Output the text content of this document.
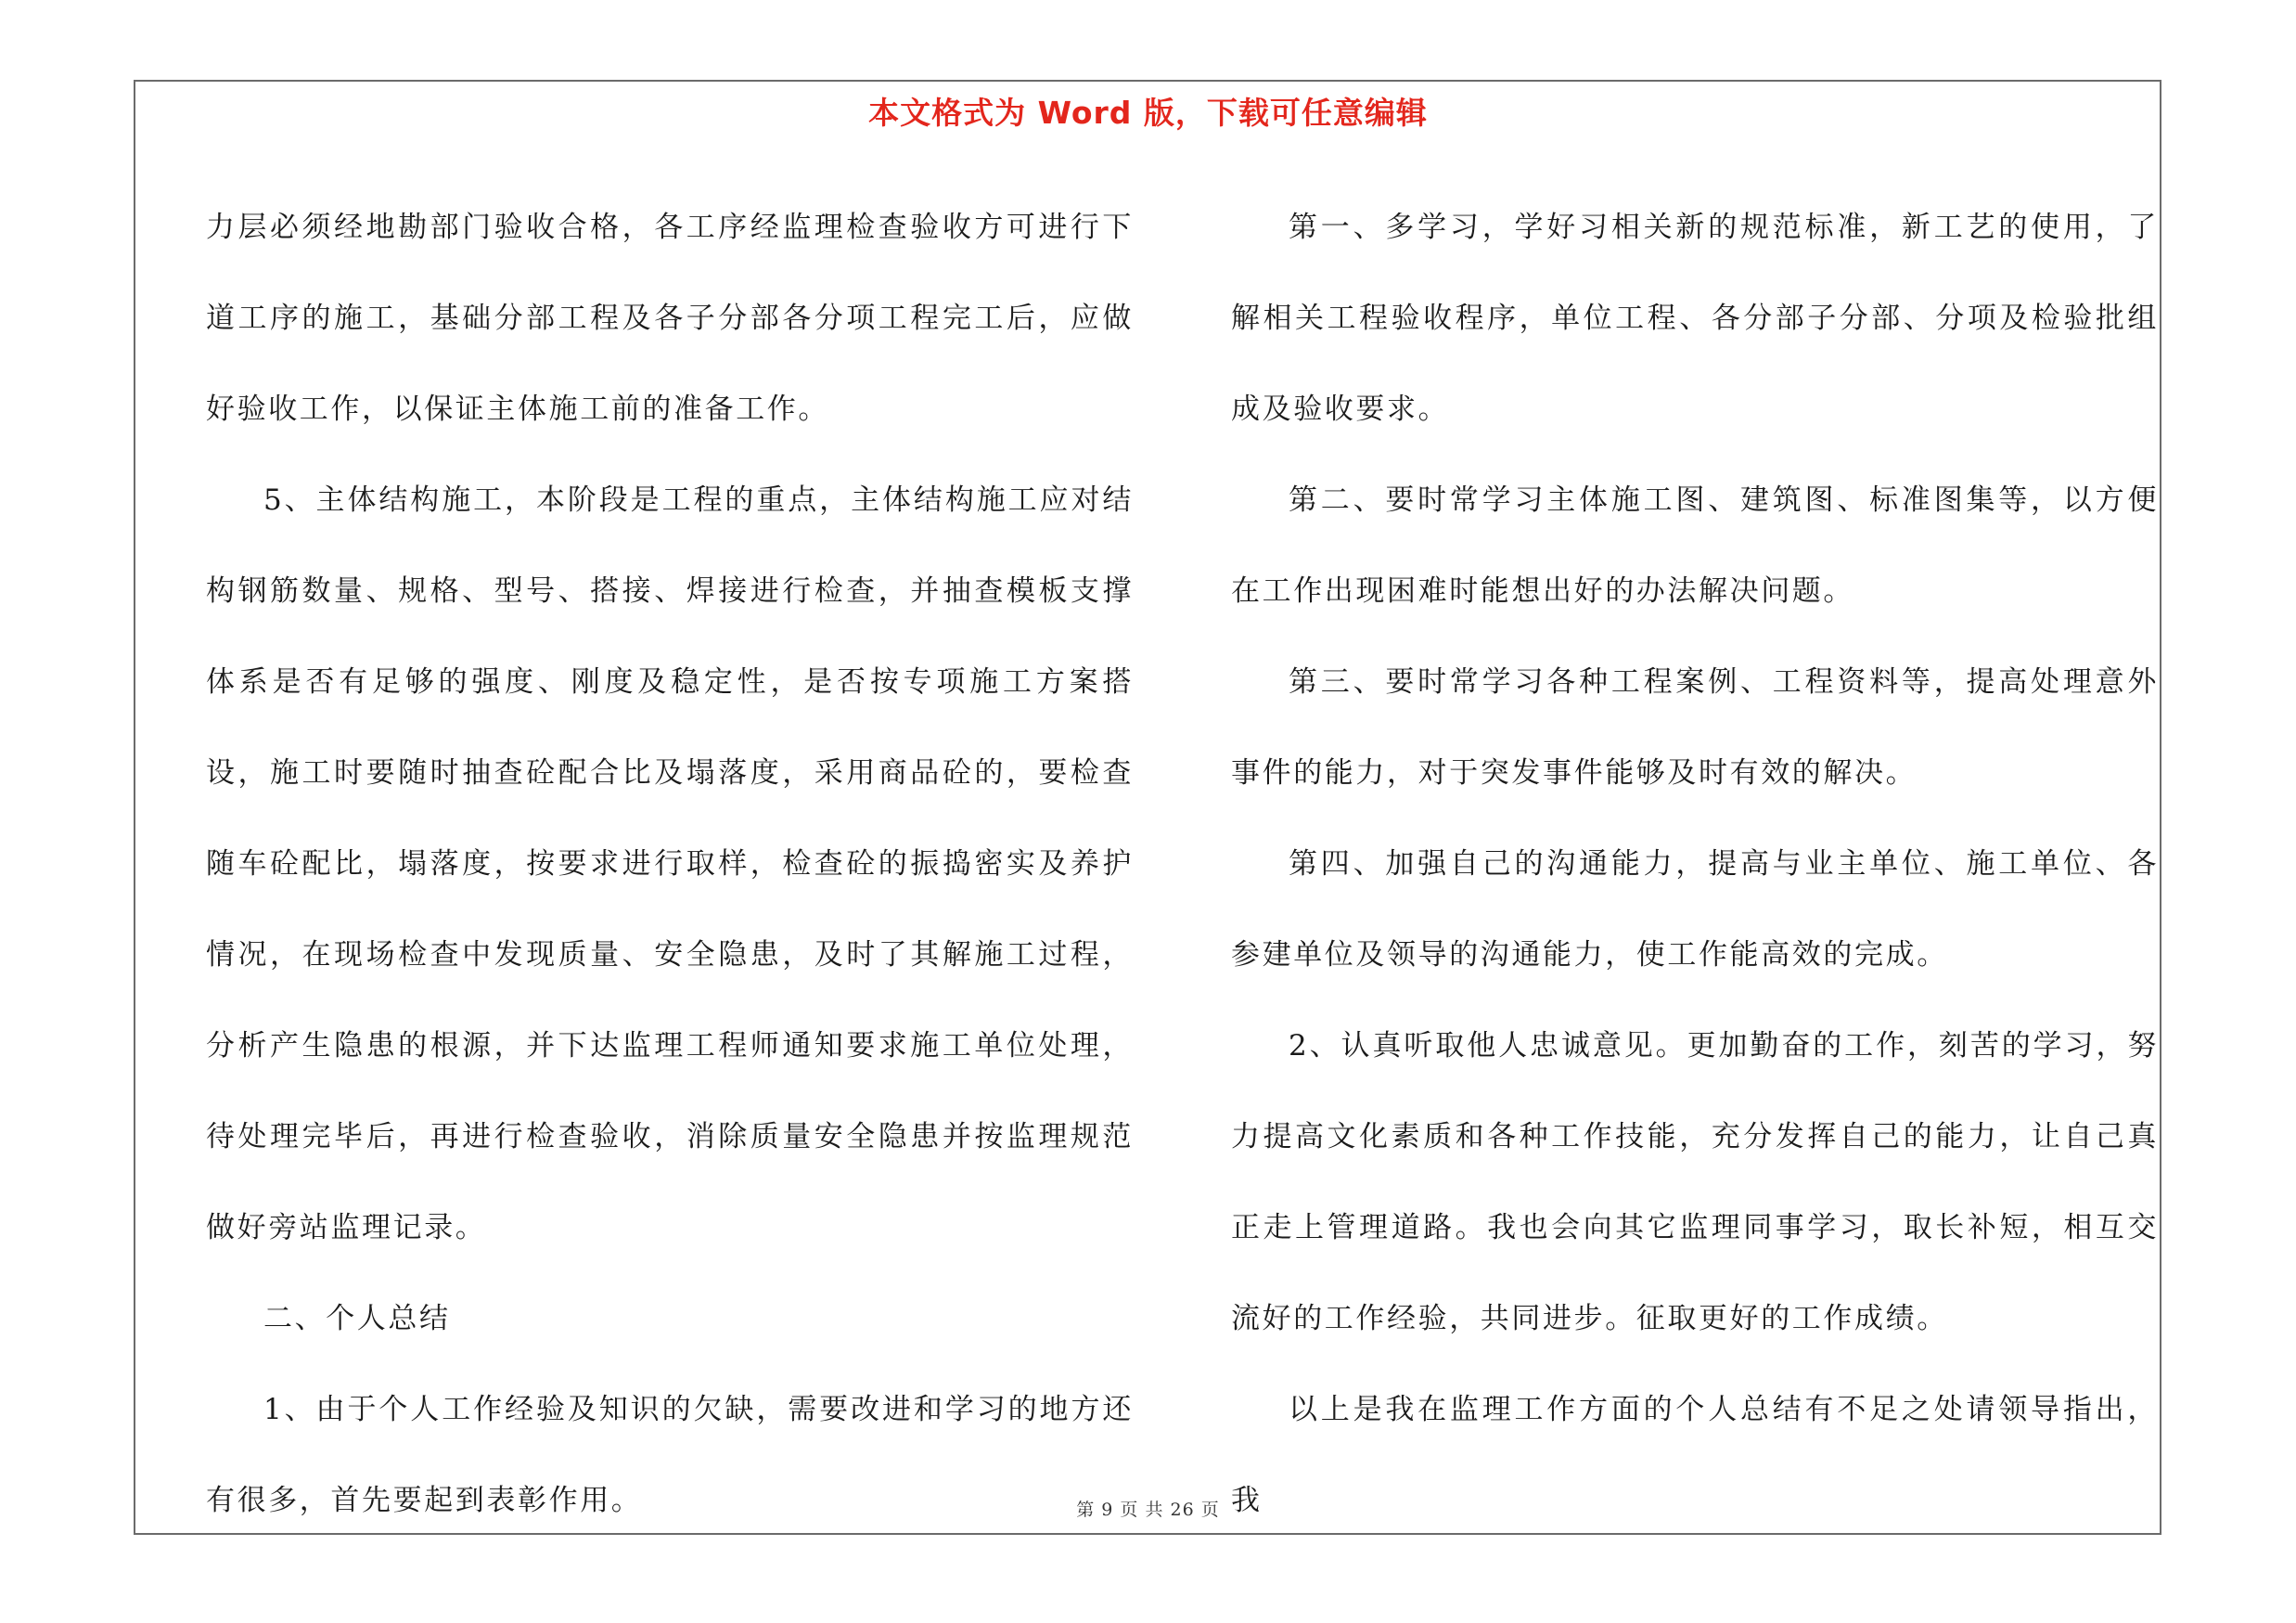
本文格式为 Word 版，下载可任意编辑

力层必须经地勘部门验收合格，各工序经监理检查验收方可进行下道工序的施工，基础分部工程及各子分部各分项工程完工后，应做好验收工作，以保证主体施工前的准备工作。

5、主体结构施工，本阶段是工程的重点，主体结构施工应对结构钢筋数量、规格、型号、搭接、焊接进行检查，并抽查模板支撑体系是否有足够的强度、刚度及稳定性，是否按专项施工方案搭设，施工时要随时抽查砼配合比及塌落度，采用商品砼的，要检查随车砼配比，塌落度，按要求进行取样，检查砼的振捣密实及养护情况，在现场检查中发现质量、安全隐患，及时了其解施工过程，分析产生隐患的根源，并下达监理工程师通知要求施工单位处理，待处理完毕后，再进行检查验收，消除质量安全隐患并按监理规范做好旁站监理记录。

二、个人总结

1、由于个人工作经验及知识的欠缺，需要改进和学习的地方还有很多，首先要起到表彰作用。

第一、多学习，学好习相关新的规范标准，新工艺的使用，了解相关工程验收程序，单位工程、各分部子分部、分项及检验批组成及验收要求。

第二、要时常学习主体施工图、建筑图、标准图集等，以方便在工作出现困难时能想出好的办法解决问题。

第三、要时常学习各种工程案例、工程资料等，提高处理意外事件的能力，对于突发事件能够及时有效的解决。

第四、加强自己的沟通能力，提高与业主单位、施工单位、各参建单位及领导的沟通能力，使工作能高效的完成。

2、认真听取他人忠诚意见。更加勤奋的工作，刻苦的学习，努力提高文化素质和各种工作技能，充分发挥自己的能力，让自己真正走上管理道路。我也会向其它监理同事学习，取长补短，相互交流好的工作经验，共同进步。征取更好的工作成绩。

以上是我在监理工作方面的个人总结有不足之处请领导指出，我

第 9 页 共 26 页
